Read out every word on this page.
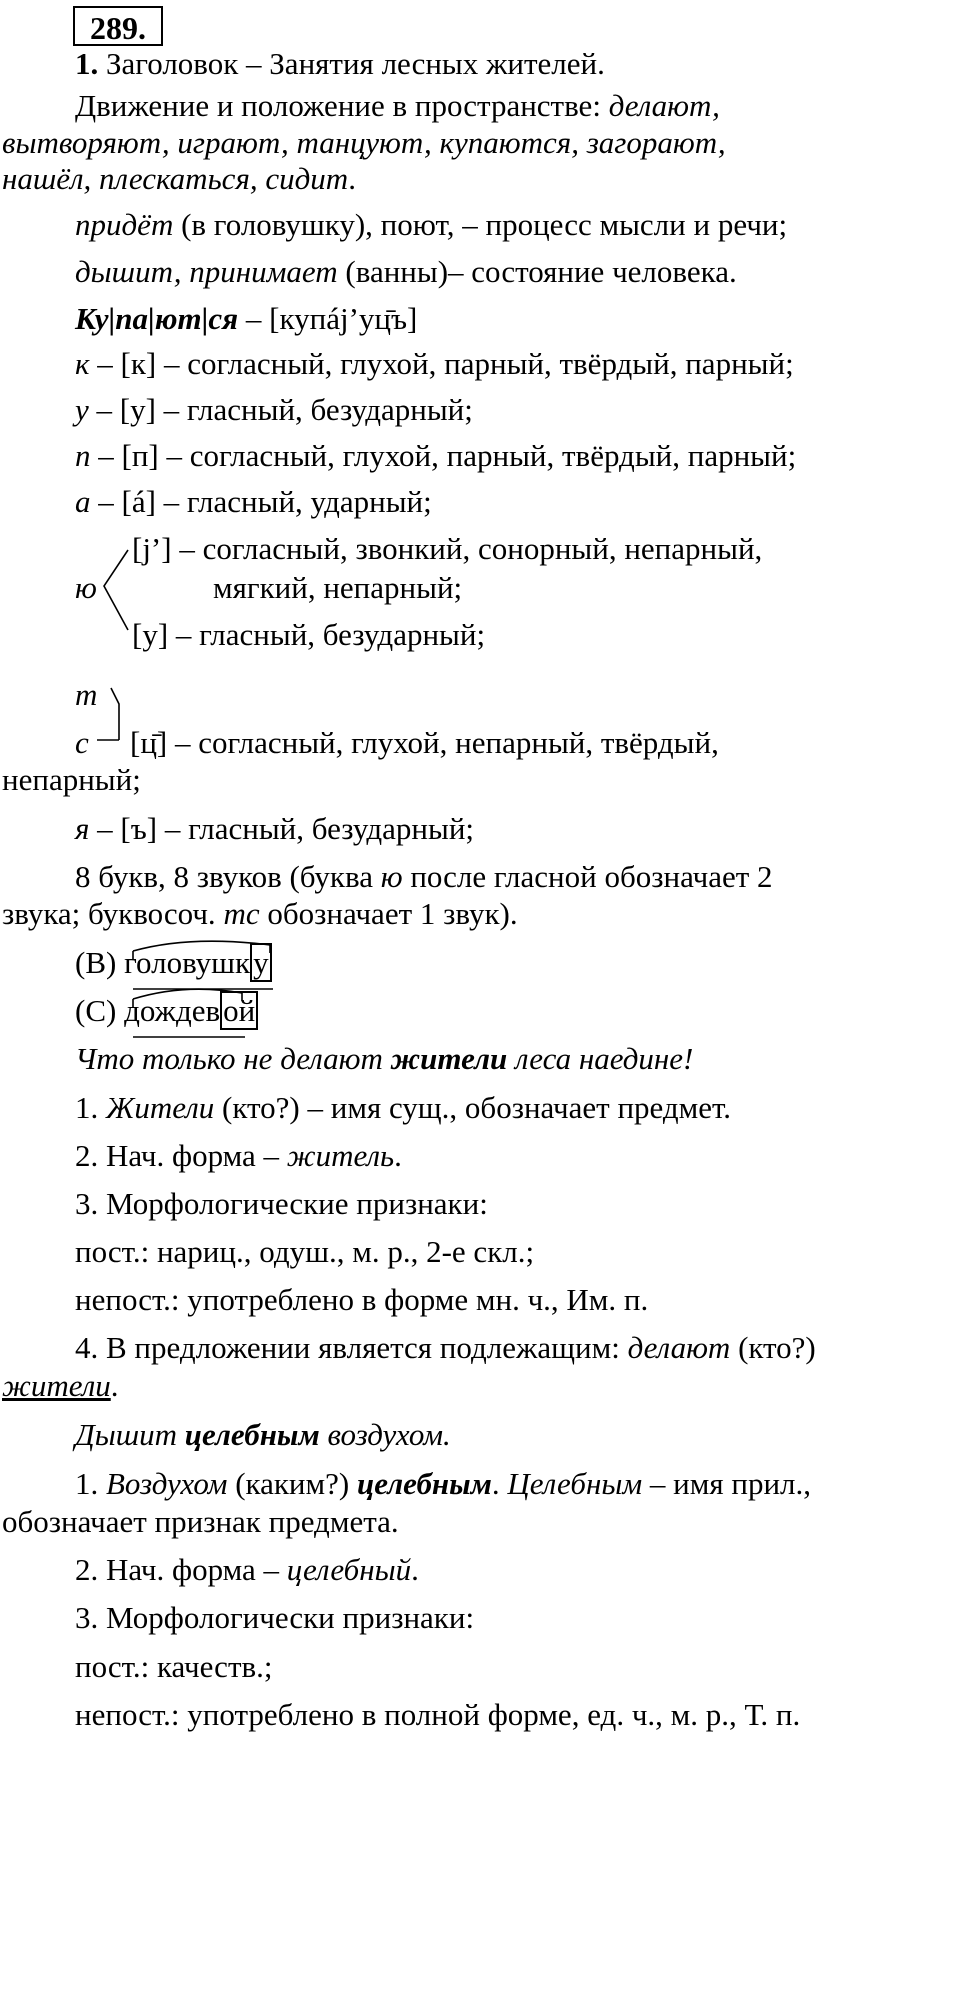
289.
1. Заголовок – Занятия лесных жителей.
Движение и положение в пространстве: делают,
вытворяют, играют, танцуют, купаются, загорают,
нашёл, плескаться, сидит.
придёт (в головушку), поют, – процесс мысли и речи;
дышит, принимает (ванны)– состояние человека.
Ку|па|ют|ся – [купáj’уц̄ъ]
к – [к] – согласный, глухой, парный, твёрдый, парный;
у – [у] – гласный, безударный;
п – [п] – согласный, глухой, парный, твёрдый, парный;
а – [á] – гласный, ударный;
[j’] – согласный, звонкий, сонорный, непарный,
мягкий, непарный;
ю
[у] – гласный, безударный;
т
с [ц̄] – согласный, глухой, непарный, твёрдый,
непарный;
я – [ъ] – гласный, безударный;
8 букв, 8 звуков (буква ю после гласной обозначает 2
звука; буквосоч. тс обозначает 1 звук).
(В) головушку
(С) дождевой
Что только не делают жители леса наедине!
1. Жители (кто?) – имя сущ., обозначает предмет.
2. Нач. форма – житель.
3. Морфологические признаки:
пост.: нариц., одуш., м. р., 2-е скл.;
непост.: употреблено в форме мн. ч., Им. п.
4. В предложении является подлежащим: делают (кто?)
жители.
Дышит целебным воздухом.
1. Воздухом (каким?) целебным. Целебным – имя прил.,
обозначает признак предмета.
2. Нач. форма – целебный.
3. Морфологически признаки:
пост.: качеств.;
непост.: употреблено в полной форме, ед. ч., м. р., Т. п.
